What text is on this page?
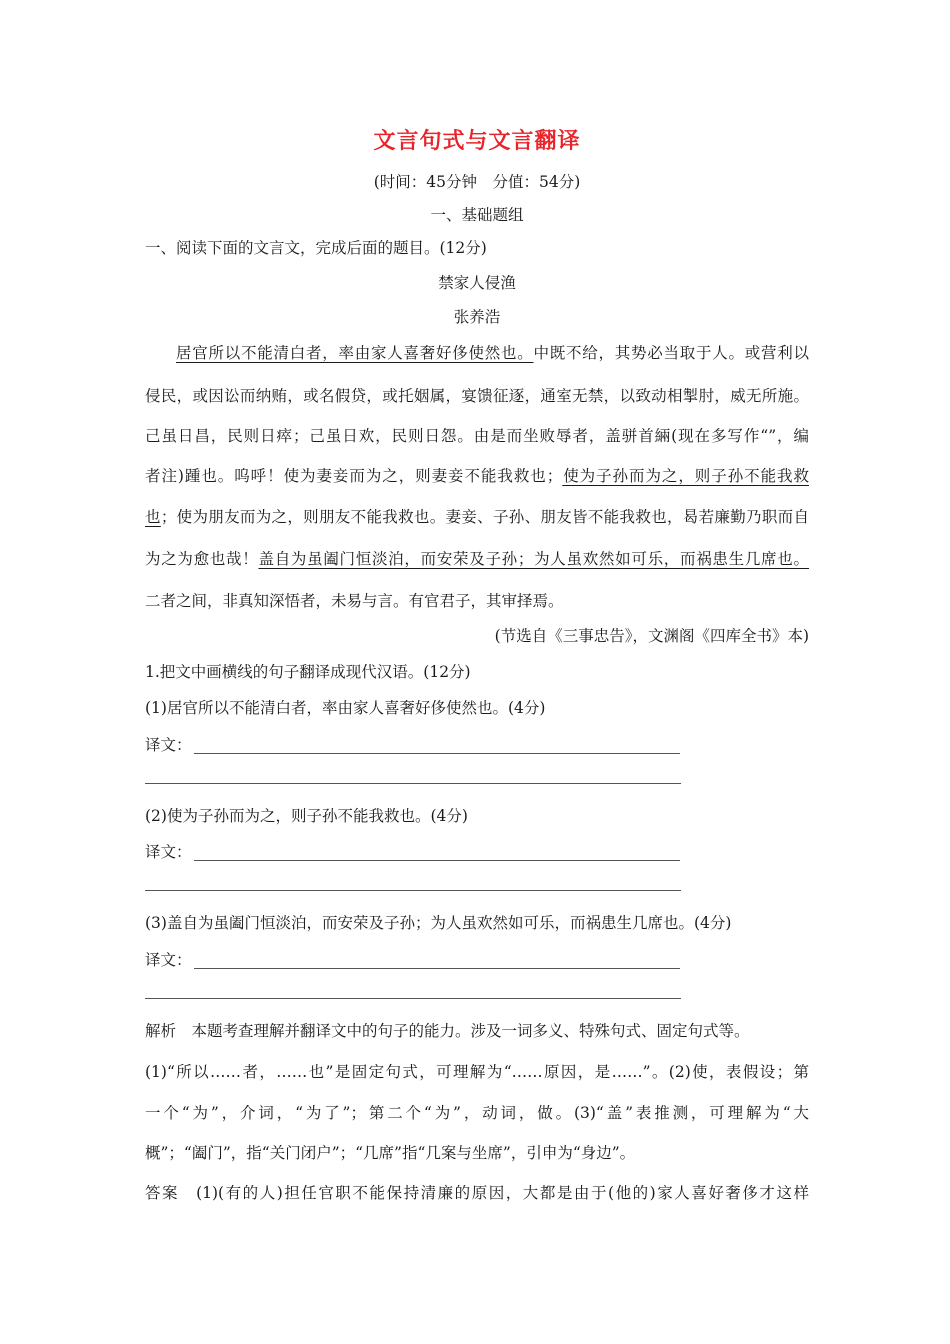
文言句式与文言翻译
(时间：45分钟　分值：54分)
一、基础题组
一、阅读下面的文言文，完成后面的题目。(12分)
禁家人侵渔
张养浩
居官所以不能清白者，率由家人喜奢好侈使然也。中既不给，其势必当取于人。或营利以
侵民，或因讼而纳贿，或名假贷，或托姻属，宴馈征逐，通室无禁，以致动相掣肘，威无所施。
己虽日昌，民则日瘁；己虽日欢，民则日怨。由是而坐败辱者，盖骈首緉(现在多写作“”，编
者注)踵也。呜呼！使为妻妾而为之，则妻妾不能我救也；使为子孙而为之，则子孙不能我救
也；使为朋友而为之，则朋友不能我救也。妻妾、子孙、朋友皆不能我救也，曷若廉勤乃职而自
为之为愈也哉！盖自为虽阖门恒淡泊，而安荣及子孙；为人虽欢然如可乐，而祸患生几席也。
二者之间，非真知深悟者，未易与言。有官君子，其审择焉。
(节选自《三事忠告》，文渊阁《四库全书》本)
1.把文中画横线的句子翻译成现代汉语。(12分)
(1)居官所以不能清白者，率由家人喜奢好侈使然也。(4分)
译文：
(2)使为子孙而为之，则子孙不能我救也。(4分)
译文：
(3)盖自为虽阖门恒淡泊，而安荣及子孙；为人虽欢然如可乐，而祸患生几席也。(4分)
译文：
解析　本题考查理解并翻译文中的句子的能力。涉及一词多义、特殊句式、固定句式等。
(1)“所以……者，……也”是固定句式，可理解为“……原因，是……”。(2)使，表假设；第
一个“为”，介词，“为了”；第二个“为”，动词，做。(3)“盖”表推测，可理解为“大
概”；“阖门”，指“关门闭户”；“几席”指“几案与坐席”，引申为“身边”。
答案　(1)(有的人)担任官职不能保持清廉的原因，大都是由于(他的)家人喜好奢侈才这样
